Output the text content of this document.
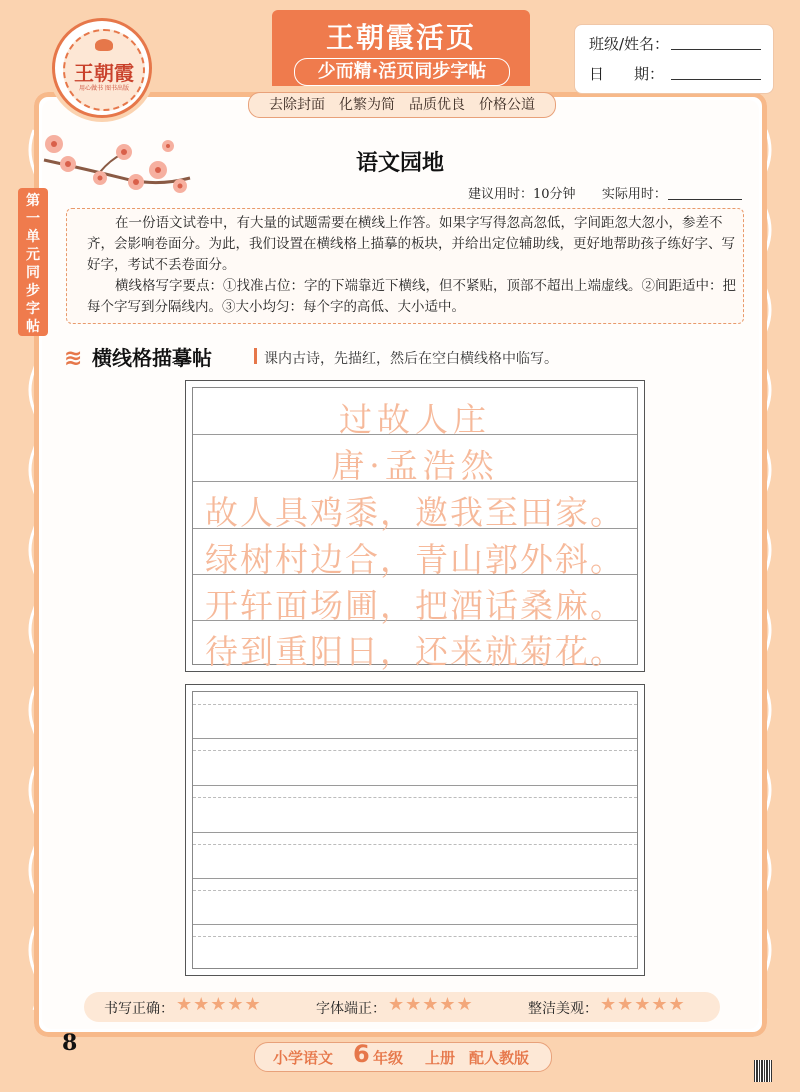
王朝霞
用心做书 图书出版
王朝霞活页
少而精·活页同步字帖
去除封面　化繁为简　品质优良　价格公道
班级/姓名：
日　　期：
第
一
单
元
同
步
字
帖
语文园地
建议用时：10分钟 实际用时：

在一份语文试卷中，有大量的试题需要在横线上作答。如果字写得忽高忽低，字间距忽大忽小，参差不齐，会影响卷面分。为此，我们设置在横线格上描摹的板块，并给出定位辅助线，更好地帮助孩子练好字、写好字，考试不丢卷面分。

横线格写字要点：①找准占位：字的下端靠近下横线，但不紧贴，顶部不超出上端虚线。②间距适中：把每个字写到分隔线内。③大小均匀：每个字的高低、大小适中。

≋ 横线格描摹帖	课内古诗，先描红，然后在空白横线格中临写。
过故人庄
唐·孟浩然
故人具鸡黍，邀我至田家。
绿树村边合，青山郭外斜。
开轩面场圃，把酒话桑麻。
待到重阳日，还来就菊花。
书写正确： ★★★★★	字体端正： ★★★★★	整洁美观： ★★★★★
8
小学语文 6 年级 上册 配人教版
